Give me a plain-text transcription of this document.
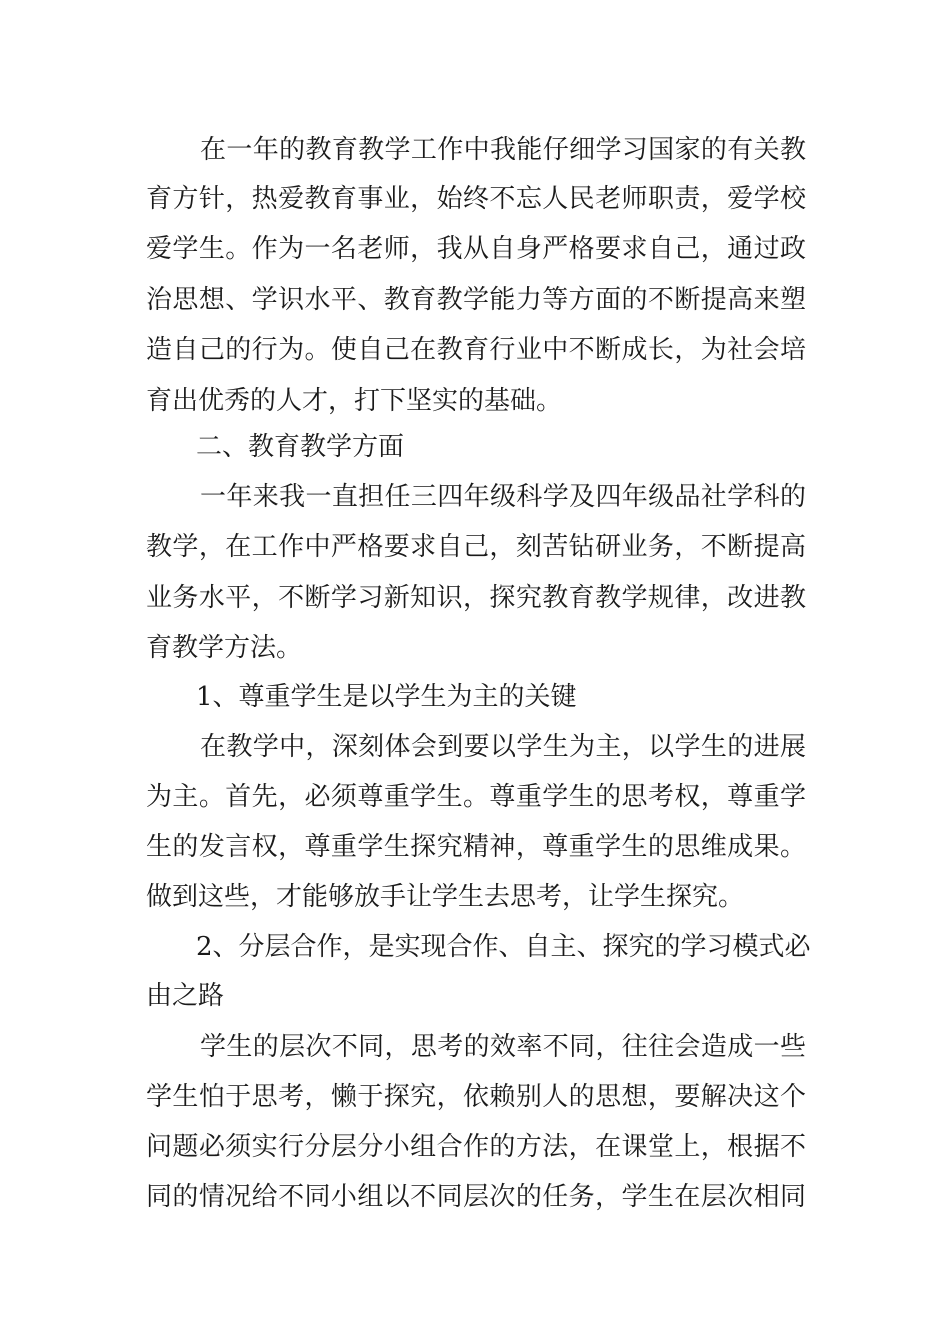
在一年的教育教学工作中我能仔细学习国家的有关教
育方针，热爱教育事业，始终不忘人民老师职责，爱学校
爱学生。作为一名老师，我从自身严格要求自己，通过政
治思想、学识水平、教育教学能力等方面的不断提高来塑
造自己的行为。使自己在教育行业中不断成长，为社会培
育出优秀的人才，打下坚实的基础。
二、教育教学方面
一年来我一直担任三四年级科学及四年级品社学科的
教学，在工作中严格要求自己，刻苦钻研业务，不断提高
业务水平，不断学习新知识，探究教育教学规律，改进教
育教学方法。
1、尊重学生是以学生为主的关键
在教学中，深刻体会到要以学生为主，以学生的进展
为主。首先，必须尊重学生。尊重学生的思考权，尊重学
生的发言权，尊重学生探究精神，尊重学生的思维成果。
做到这些，才能够放手让学生去思考，让学生探究。
2、分层合作，是实现合作、自主、探究的学习模式必
由之路
学生的层次不同，思考的效率不同，往往会造成一些
学生怕于思考，懒于探究，依赖别人的思想，要解决这个
问题必须实行分层分小组合作的方法，在课堂上，根据不
同的情况给不同小组以不同层次的任务，学生在层次相同
